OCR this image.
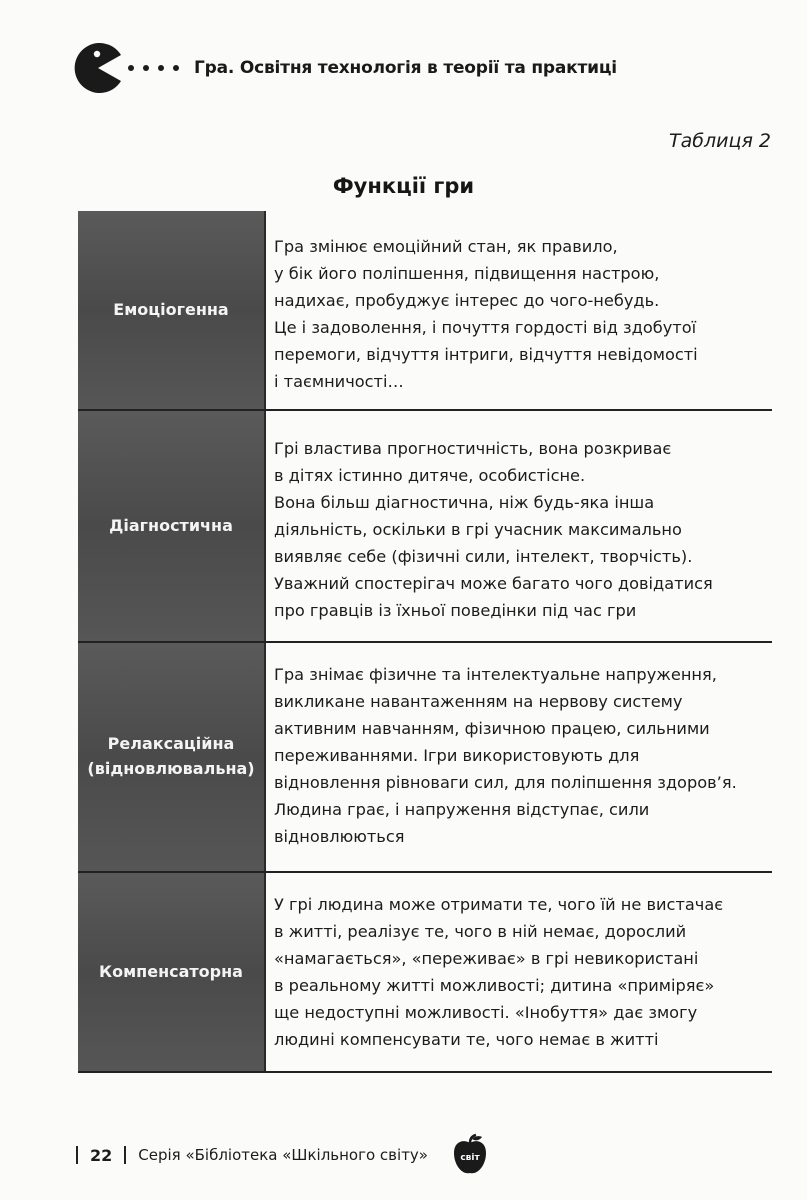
Гра. Освітня технологія в теорії та практиці
Таблиця 2
Функції гри
Емоціогенна
Гра змінює емоційний стан, як правило,
у бік його поліпшення, підвищення настрою,
надихає, пробуджує інтерес до чого-небудь.
Це і задоволення, і почуття гордості від здобутої
перемоги, відчуття інтриги, відчуття невідомості
і таємничості…
Діагностична
Грі властива прогностичність, вона розкриває
в дітях істинно дитяче, особистісне.
Вона більш діагностична, ніж будь-яка інша
діяльність, оскільки в грі учасник максимально
виявляє себе (фізичні сили, інтелект, творчість).
Уважний спостерігач може багато чого довідатися
про гравців із їхньої поведінки під час гри
Релаксаційна
(відновлювальна)
Гра знімає фізичне та інтелектуальне напруження,
викликане навантаженням на нервову систему
активним навчанням, фізичною працею, сильними
переживаннями. Ігри використовують для
відновлення рівноваги сил, для поліпшення здоров’я.
Людина грає, і напруження відступає, сили
відновлюються
Компенсаторна
У грі людина може отримати те, чого їй не вистачає
в житті, реалізує те, чого в ній немає, дорослий
«намагається», «переживає» в грі невикористані
в реальному житті можливості; дитина «приміряє»
ще недоступні можливості. «Інобуття» дає змогу
людині компенсувати те, чого немає в житті
22 Серія «Бібліотека «Шкільного світу»	світ
